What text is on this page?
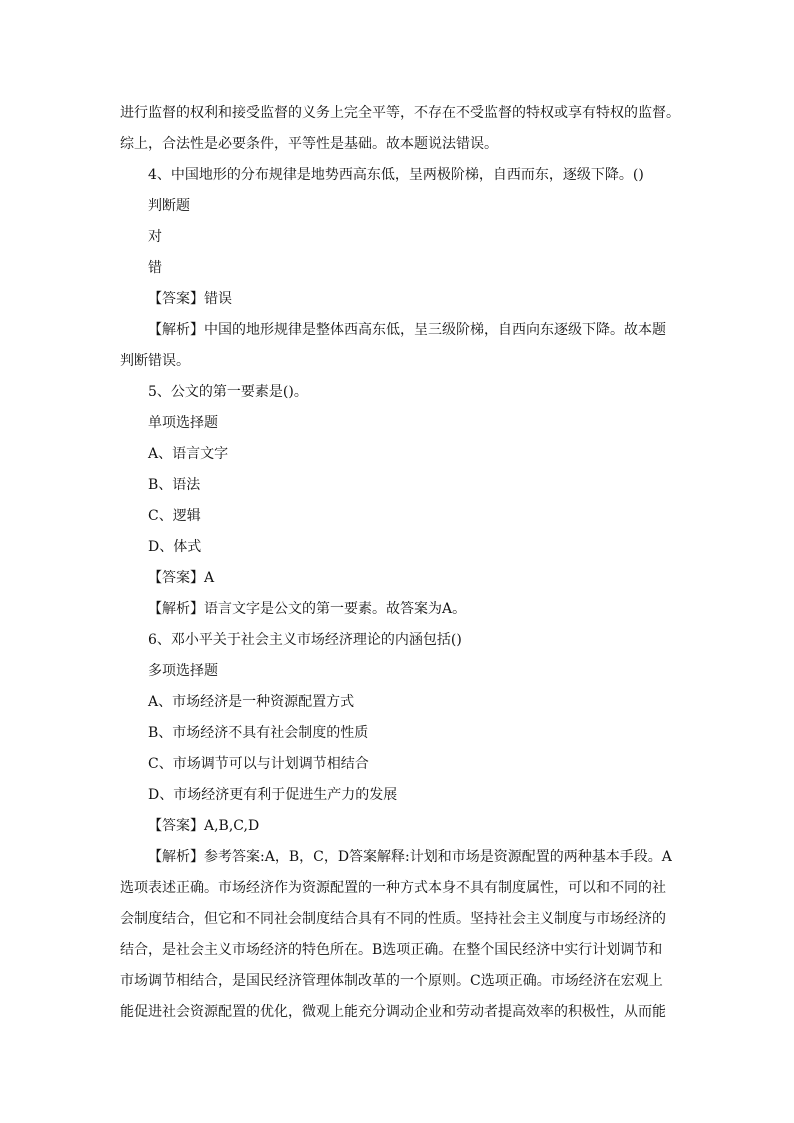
进行监督的权利和接受监督的义务上完全平等，不存在不受监督的特权或享有特权的监督。
综上，合法性是必要条件，平等性是基础。故本题说法错误。
4、中国地形的分布规律是地势西高东低，呈两极阶梯，自西而东，逐级下降。()
判断题
对
错
【答案】错误
【解析】中国的地形规律是整体西高东低，呈三级阶梯，自西向东逐级下降。故本题
判断错误。
5、公文的第一要素是()。
单项选择题
A、语言文字
B、语法
C、逻辑
D、体式
【答案】A
【解析】语言文字是公文的第一要素。故答案为A。
6、邓小平关于社会主义市场经济理论的内涵包括()
多项选择题
A、市场经济是一种资源配置方式
B、市场经济不具有社会制度的性质
C、市场调节可以与计划调节相结合
D、市场经济更有利于促进生产力的发展
【答案】A,B,C,D
【解析】参考答案:A，B，C，D答案解释:计划和市场是资源配置的两种基本手段。A
选项表述正确。市场经济作为资源配置的一种方式本身不具有制度属性，可以和不同的社
会制度结合，但它和不同社会制度结合具有不同的性质。坚持社会主义制度与市场经济的
结合，是社会主义市场经济的特色所在。B选项正确。在整个国民经济中实行计划调节和
市场调节相结合，是国民经济管理体制改革的一个原则。C选项正确。市场经济在宏观上
能促进社会资源配置的优化，微观上能充分调动企业和劳动者提高效率的积极性，从而能
